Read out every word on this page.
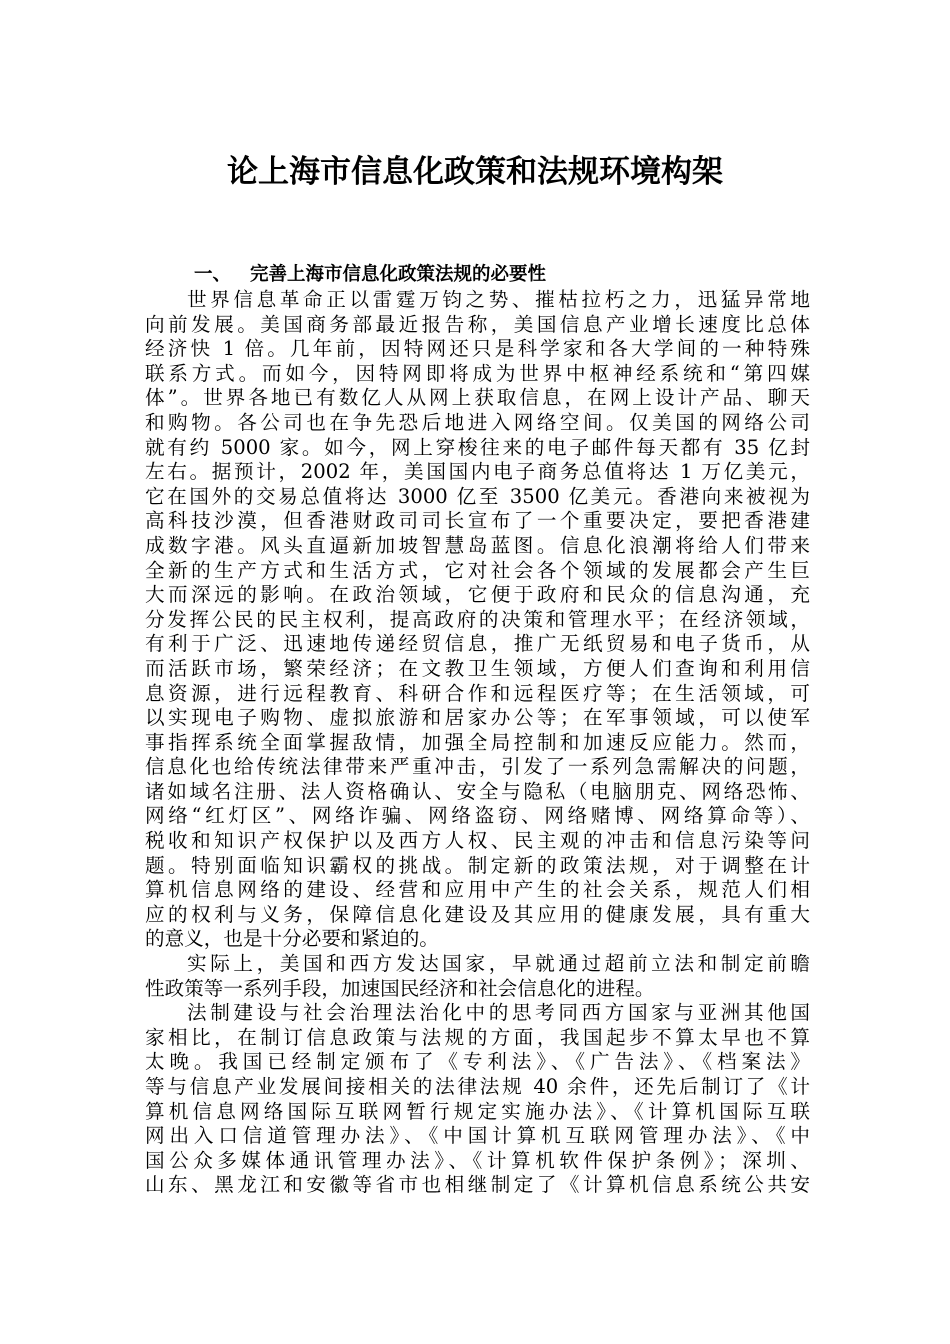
论上海市信息化政策和法规环境构架
一、 完善上海市信息化政策法规的必要性
世界信息革命正以雷霆万钧之势、摧枯拉朽之力，迅猛异常地
向前发展。美国商务部最近报告称，美国信息产业增长速度比总体
经济快 1 倍。几年前，因特网还只是科学家和各大学间的一种特殊
联系方式。而如今，因特网即将成为世界中枢神经系统和“第四媒
体”。世界各地已有数亿人从网上获取信息，在网上设计产品、聊天
和购物。各公司也在争先恐后地进入网络空间。仅美国的网络公司
就有约 5000 家。如今，网上穿梭往来的电子邮件每天都有 35 亿封
左右。据预计，2002 年，美国国内电子商务总值将达 1 万亿美元，
它在国外的交易总值将达 3000 亿至 3500 亿美元。香港向来被视为
高科技沙漠，但香港财政司司长宣布了一个重要决定，要把香港建
成数字港。风头直逼新加坡智慧岛蓝图。信息化浪潮将给人们带来
全新的生产方式和生活方式，它对社会各个领域的发展都会产生巨
大而深远的影响。在政治领域，它便于政府和民众的信息沟通，充
分发挥公民的民主权利，提高政府的决策和管理水平；在经济领域，
有利于广泛、迅速地传递经贸信息，推广无纸贸易和电子货币，从
而活跃市场，繁荣经济；在文教卫生领域，方便人们查询和利用信
息资源，进行远程教育、科研合作和远程医疗等；在生活领域，可
以实现电子购物、虚拟旅游和居家办公等；在军事领域，可以使军
事指挥系统全面掌握敌情，加强全局控制和加速反应能力。然而，
信息化也给传统法律带来严重冲击，引发了一系列急需解决的问题，
诸如域名注册、法人资格确认、安全与隐私（电脑朋克、网络恐怖、
网络“红灯区”、网络诈骗、网络盗窃、网络赌博、网络算命等）、
税收和知识产权保护以及西方人权、民主观的冲击和信息污染等问
题。特别面临知识霸权的挑战。制定新的政策法规，对于调整在计
算机信息网络的建设、经营和应用中产生的社会关系，规范人们相
应的权利与义务，保障信息化建设及其应用的健康发展，具有重大
的意义，也是十分必要和紧迫的。
实际上，美国和西方发达国家，早就通过超前立法和制定前瞻
性政策等一系列手段，加速国民经济和社会信息化的进程。
法制建设与社会治理法治化中的思考同西方国家与亚洲其他国
家相比，在制订信息政策与法规的方面，我国起步不算太早也不算
太晚。我国已经制定颁布了《专利法》、《广告法》、《档案法》
等与信息产业发展间接相关的法律法规 40 余件，还先后制订了《计
算机信息网络国际互联网暂行规定实施办法》、《计算机国际互联
网出入口信道管理办法》、《中国计算机互联网管理办法》、《中
国公众多媒体通讯管理办法》、《计算机软件保护条例》；深圳、
山东、黑龙江和安徽等省市也相继制定了《计算机信息系统公共安
